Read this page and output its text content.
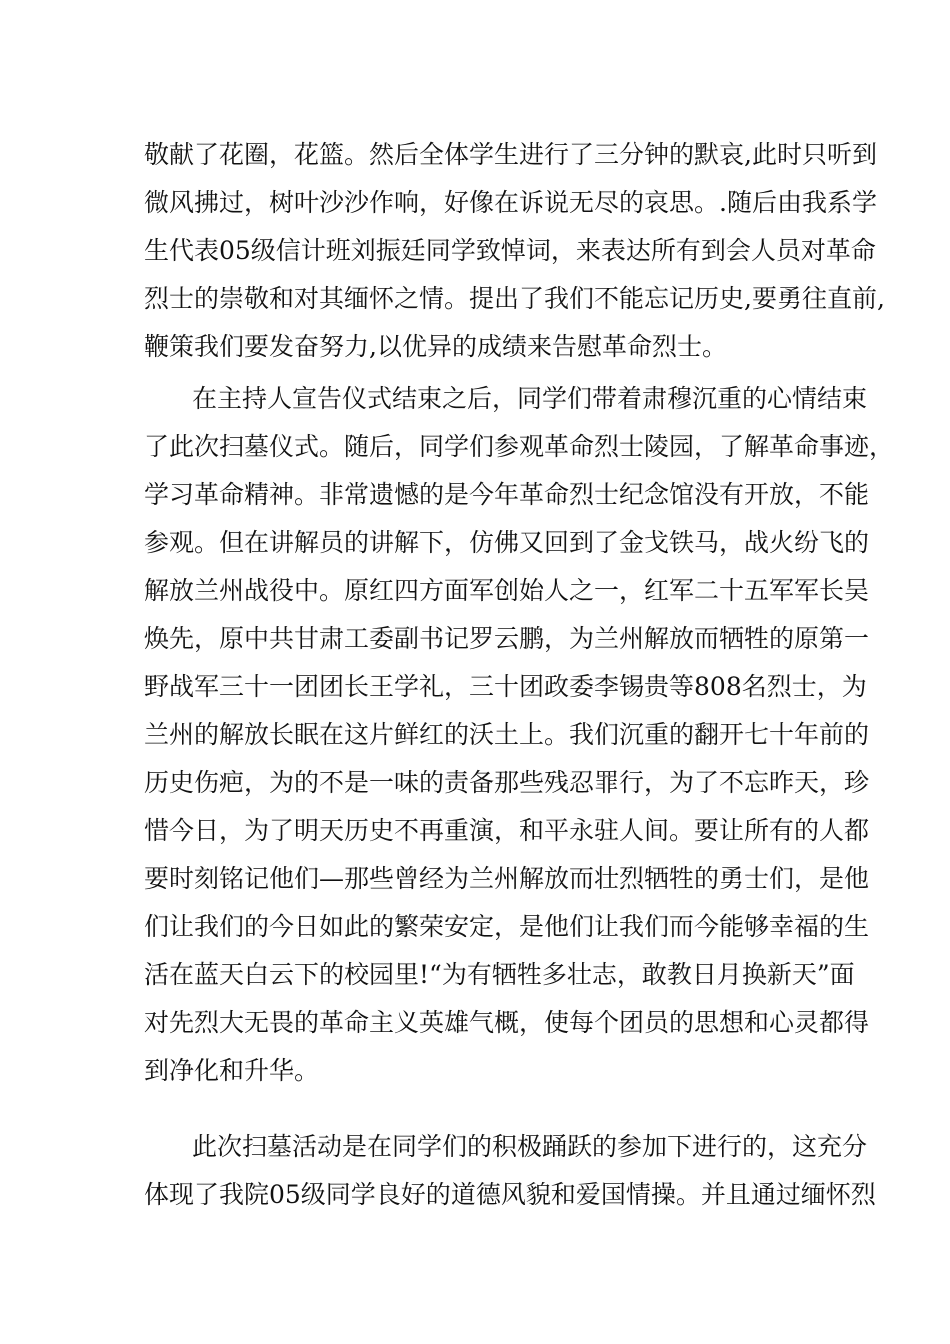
敬献了花圈，花篮。然后全体学生进行了三分钟的默哀,此时只听到
微风拂过，树叶沙沙作响，好像在诉说无尽的哀思。.随后由我系学
生代表05级信计班刘振廷同学致悼词，来表达所有到会人员对革命
烈士的崇敬和对其缅怀之情。提出了我们不能忘记历史,要勇往直前,
鞭策我们要发奋努力,以优异的成绩来告慰革命烈士。
在主持人宣告仪式结束之后，同学们带着肃穆沉重的心情结束
了此次扫墓仪式。随后，同学们参观革命烈士陵园，了解革命事迹，
学习革命精神。非常遗憾的是今年革命烈士纪念馆没有开放，不能
参观。但在讲解员的讲解下，仿佛又回到了金戈铁马，战火纷飞的
解放兰州战役中。原红四方面军创始人之一，红军二十五军军长吴
焕先，原中共甘肃工委副书记罗云鹏，为兰州解放而牺牲的原第一
野战军三十一团团长王学礼，三十团政委李锡贵等808名烈士，为
兰州的解放长眠在这片鲜红的沃土上。我们沉重的翻开七十年前的
历史伤疤，为的不是一味的责备那些残忍罪行，为了不忘昨天，珍
惜今日，为了明天历史不再重演，和平永驻人间。要让所有的人都
要时刻铭记他们—那些曾经为兰州解放而壮烈牺牲的勇士们，是他
们让我们的今日如此的繁荣安定，是他们让我们而今能够幸福的生
活在蓝天白云下的校园里!“为有牺牲多壮志，敢教日月换新天”面
对先烈大无畏的革命主义英雄气概，使每个团员的思想和心灵都得
到净化和升华。
此次扫墓活动是在同学们的积极踊跃的参加下进行的，这充分
体现了我院05级同学良好的道德风貌和爱国情操。并且通过缅怀烈
